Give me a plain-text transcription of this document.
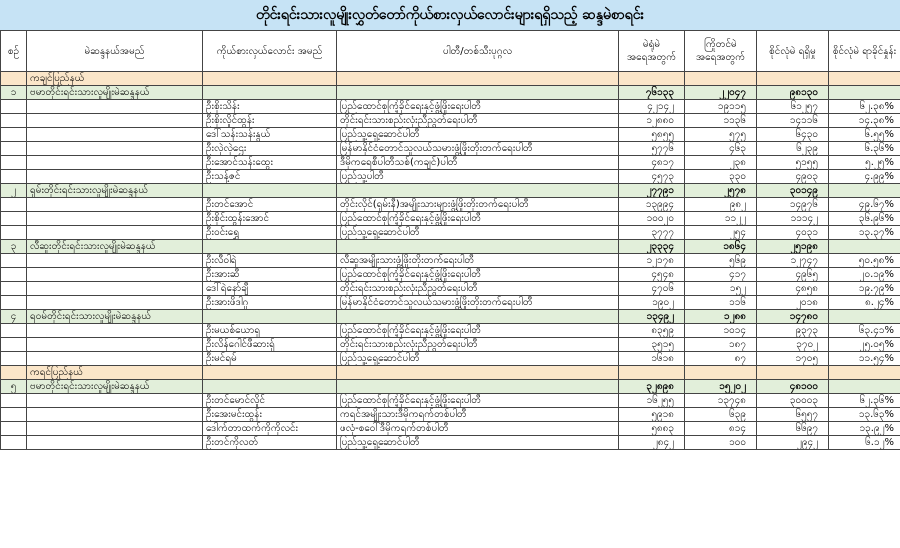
တိုင်းရင်းသားလူမျိုးလွှတ်တော်ကိုယ်စားလှယ်လောင်းများရရှိသည့် ဆန္ဒမဲစာရင်း
စဉ်	မဲဆန္ဒနယ်အမည်	ကိုယ်စားလှယ်လောင်း အမည်	ပါတီ/တစ်သီးပုဂ္ဂလ	မဲရုံမဲ အရေအတွက်	ကြိုတင်မဲ အရေအတွက်	စိုင်လုံမဲ ရရှိမှု	စိုင်လုံမဲ ရာခိုင်နှုန်း
	ကချင်ပြည်နယ်						
၁	ဗမာတိုင်းရင်းသားလူမျိုးမဲဆန္ဒနယ်			၇၆၁၃၃	၂၂၀၄၇	၉၈၁၃၀	
		ဦးစိုးသိန်း	ပြည်ထောင်စုကြံ့ခိုင်ရေးနှင့်ဖွံ့ဖြိုးရေးပါတီ	၄၂၁၄၂	၁၉၁၁၅	၆၁၂၅၇	၆၂.၃၈%
		ဦးစိုးလှိုင်ထွန်း	တိုင်းရင်းသားစည်းလုံးညီညွတ်ရေးပါတီ	၁၂၈၈၀	၁၁၃၆	၁၄၁၁၆	၁၄.၃၈%
		ဒေါ်သန်းသန်းနွယ်	ပြည်သူ့ရှေ့ဆောင်ပါတီ	၅၈၅၅	၅၇၅	၆၄၃၀	၆.၅၅%
		ဦးလှဲလှဲဌေး	မြန်မာနိုင်ငံတောင်သူလယ်သမားဖွံ့ဖြိုးတိုးတက်ရေးပါတီ	၅၇၇၆	၄၆၃	၆၂၃၉	၆.၃၆%
		ဦးအောင်သန်းထွေး	ဒီမိုကရေစီပါတီသစ်(ကချင်)ပါတီ	၄၈၁၇	၂၃၈	၅၁၅၅	၅.၂၅%
		ဦးသန့်ဇင်	ပြည်သူ့ပါတီ	၄၅၇၃	၃၃၀	၄၉၀၃	၄.၉၉%
၂	ရှမ်းတိုင်းရင်းသားလူမျိုးမဲဆန္ဒနယ်			၂၇၇၉၁	၂၅၇၈	၃၀၁၄၉	
		ဦးတင်အောင်	တိုင်းလိုင်(ရှမ်းနီ)အမျိုးသားများဖွံ့ဖြိုးတိုးတက်ရေးပါတီ	၁၃၉၉၄	၉၈၂	၁၄၉၇၆	၄၉.၆၇%
		ဦးစိုင်းထွန်းအောင်	ပြည်ထောင်စုကြံ့ခိုင်ရေးနှင့်ဖွံ့ဖြိုးရေးပါတီ	၁၀၀၂၀	၁၁၂၂	၁၁၁၄၂	၃၆.၉၆%
		ဦးဝင်းရွှေ	ပြည်သူ့ရှေ့ဆောင်ပါတီ	၃၇၇၇	၂၅၄	၄၀၃၁	၁၃.၃၇%
၃	လီဆူးတိုင်းရင်းသားလူမျိုးမဲဆန္ဒနယ်			၂၃၃၃၄	၁၈၆၄	၂၅၁၉၈	
		ဦးလီဝါရဲ	လီဆူအမျိုးသားဖွံ့ဖြိုးတိုးတက်ရေးပါတီ	၁၂၁၇၈	၅၆၉	၁၂၇၄၇	၅၀.၅၈%
		ဦးအားဆီ	ပြည်ထောင်စုကြံ့ခိုင်ရေးနှင့်ဖွံ့ဖြိုးရေးပါတီ	၄၅၄၈	၄၁၇	၄၉၆၅	၂၀.၁၉%
		ဒေါ်ရဲနော်ချီ	တိုင်းရင်းသားစည်းလုံးညီညွတ်ရေးပါတီ	၄၇၀၆	၁၅၂	၄၈၅၈	၁၉.၇၉%
		ဦးအားဖိဒါဂူ	မြန်မာနိုင်ငံတောင်သူလယ်သမားဖွံ့ဖြိုးတိုးတက်ရေးပါတီ	၁၉၀၂	၁၁၆	၂၀၁၈	၈.၂၄%
၄	ရဝမ်တိုင်းရင်းသားလူမျိုးမဲဆန္ဒနယ်			၁၃၄၉၂	၁၂၈၈	၁၄၇၈၀	
		ဦးမယစ်ယောရှ	ပြည်ထောင်စုကြံ့ခိုင်ရေးနှင့်ဖွံ့ဖြိုးရေးပါတီ	၈၃၅၉	၁၀၁၄	၉၃၇၃	၆၃.၄၁%
		ဦးလိန်ဂေါင်ဖီဆားရှ်	တိုင်းရင်းသားစည်းလုံးညီညွတ်ရေးပါတီ	၃၅၁၅	၁၈၇	၃၇၀၂	၂၅.၀၅%
		ဦးမင်ရမ်	ပြည်သူ့ရှေ့ဆောင်ပါတီ	၁၆၁၈	၈၇	၁၇၀၅	၁၁.၅၄%
	ကရင်ပြည်နယ်						
၅	ဗမာတိုင်းရင်းသားလူမျိုးမဲဆန္ဒနယ်			၃၂၈၉၈	၁၅၂၀၂	၄၈၁၀၀	
		ဦးတင်မောင်လှိုင်	ပြည်ထောင်စုကြံ့ခိုင်ရေးနှင့်ဖွံ့ဖြိုးရေးပါတီ	၁၆၂၅၅	၁၃၇၄၈	၃၀၀၀၃	၆၂.၃၆%
		ဦးအေးမင်းထွန်း	ကရင်အမျိုးသားဒီမိုကရက်တစ်ပါတီ	၅၉၁၈	၆၃၉	၆၅၅၇	၁၃.၆၃%
		ဒေါက်တာထက်ကိုကိုလင်း	ဖလုံ-စဝေါ်ဒီမိုကရက်တစ်ပါတီ	၅၈၈၃	၈၁၄	၆၆၉၇	၁၃.၉၂%
		ဦးတင်ကိုလတ်	ပြည်သူ့ရှေ့ဆောင်ပါတီ	၂၈၄၂	၁၀၀	၂၉၄၂	၆.၁၂%
